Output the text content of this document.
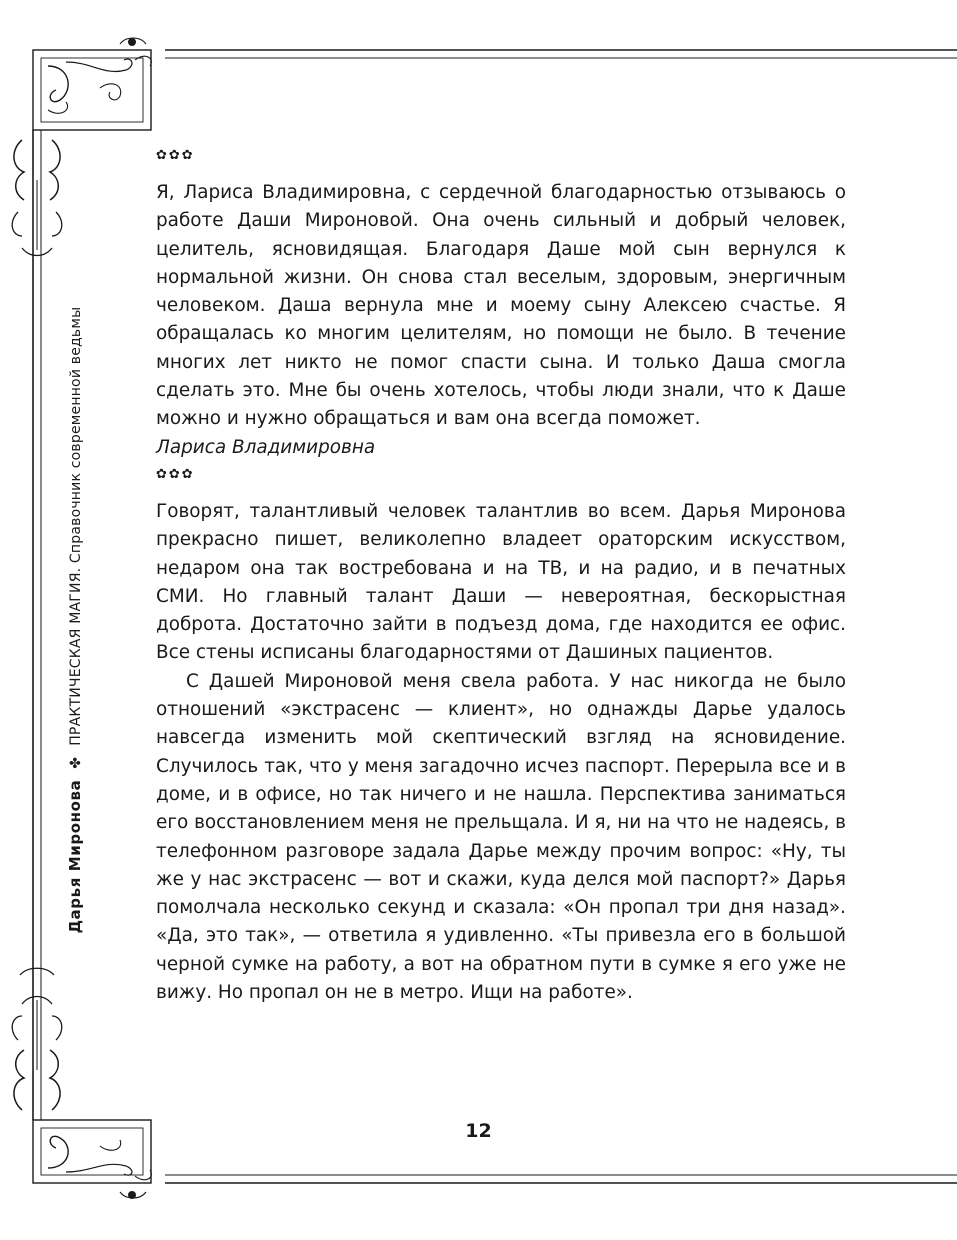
Дарья Миронова ✤ ПРАКТИЧЕСКАЯ МАГИЯ. Справочник современной ведьмы
✿✿✿

Я, Лариса Владимировна, с сердечной благодарностью отзываюсь о работе Даши Мироновой. Она очень сильный и добрый человек, целитель, ясновидящая. Благодаря Даше мой сын вернулся к нормальной жизни. Он снова стал веселым, здоровым, энергичным человеком. Даша вернула мне и моему сыну Алексею счастье. Я обращалась ко многим целителям, но помощи не было. В течение многих лет никто не помог спасти сына. И только Даша смогла сделать это. Мне бы очень хотелось, чтобы люди знали, что к Даше можно и нужно обращаться и вам она всегда поможет.

Лариса Владимировна

✿✿✿

Говорят, талантливый человек талантлив во всем. Дарья Миронова прекрасно пишет, великолепно владеет ораторским искусством, недаром она так востребована и на ТВ, и на радио, и в печатных СМИ. Но главный талант Даши — невероятная, бескорыстная доброта. Достаточно зайти в подъезд дома, где находится ее офис. Все стены исписаны благодарностями от Дашиных пациентов.

С Дашей Мироновой меня свела работа. У нас никогда не было отношений «экстрасенс — клиент», но однажды Дарье удалось навсегда изменить мой скептический взгляд на ясновидение. Случилось так, что у меня загадочно исчез паспорт. Перерыла все и в доме, и в офисе, но так ничего и не нашла. Перспектива заниматься его восстановлением меня не прельщала. И я, ни на что не надеясь, в телефонном разговоре задала Дарье между прочим вопрос: «Ну, ты же у нас экстрасенс — вот и скажи, куда делся мой паспорт?» Дарья помолчала несколько секунд и сказала: «Он пропал три дня назад». «Да, это так», — ответила я удивленно. «Ты привезла его в большой черной сумке на работу, а вот на обратном пути в сумке я его уже не вижу. Но пропал он не в метро. Ищи на работе».

12
